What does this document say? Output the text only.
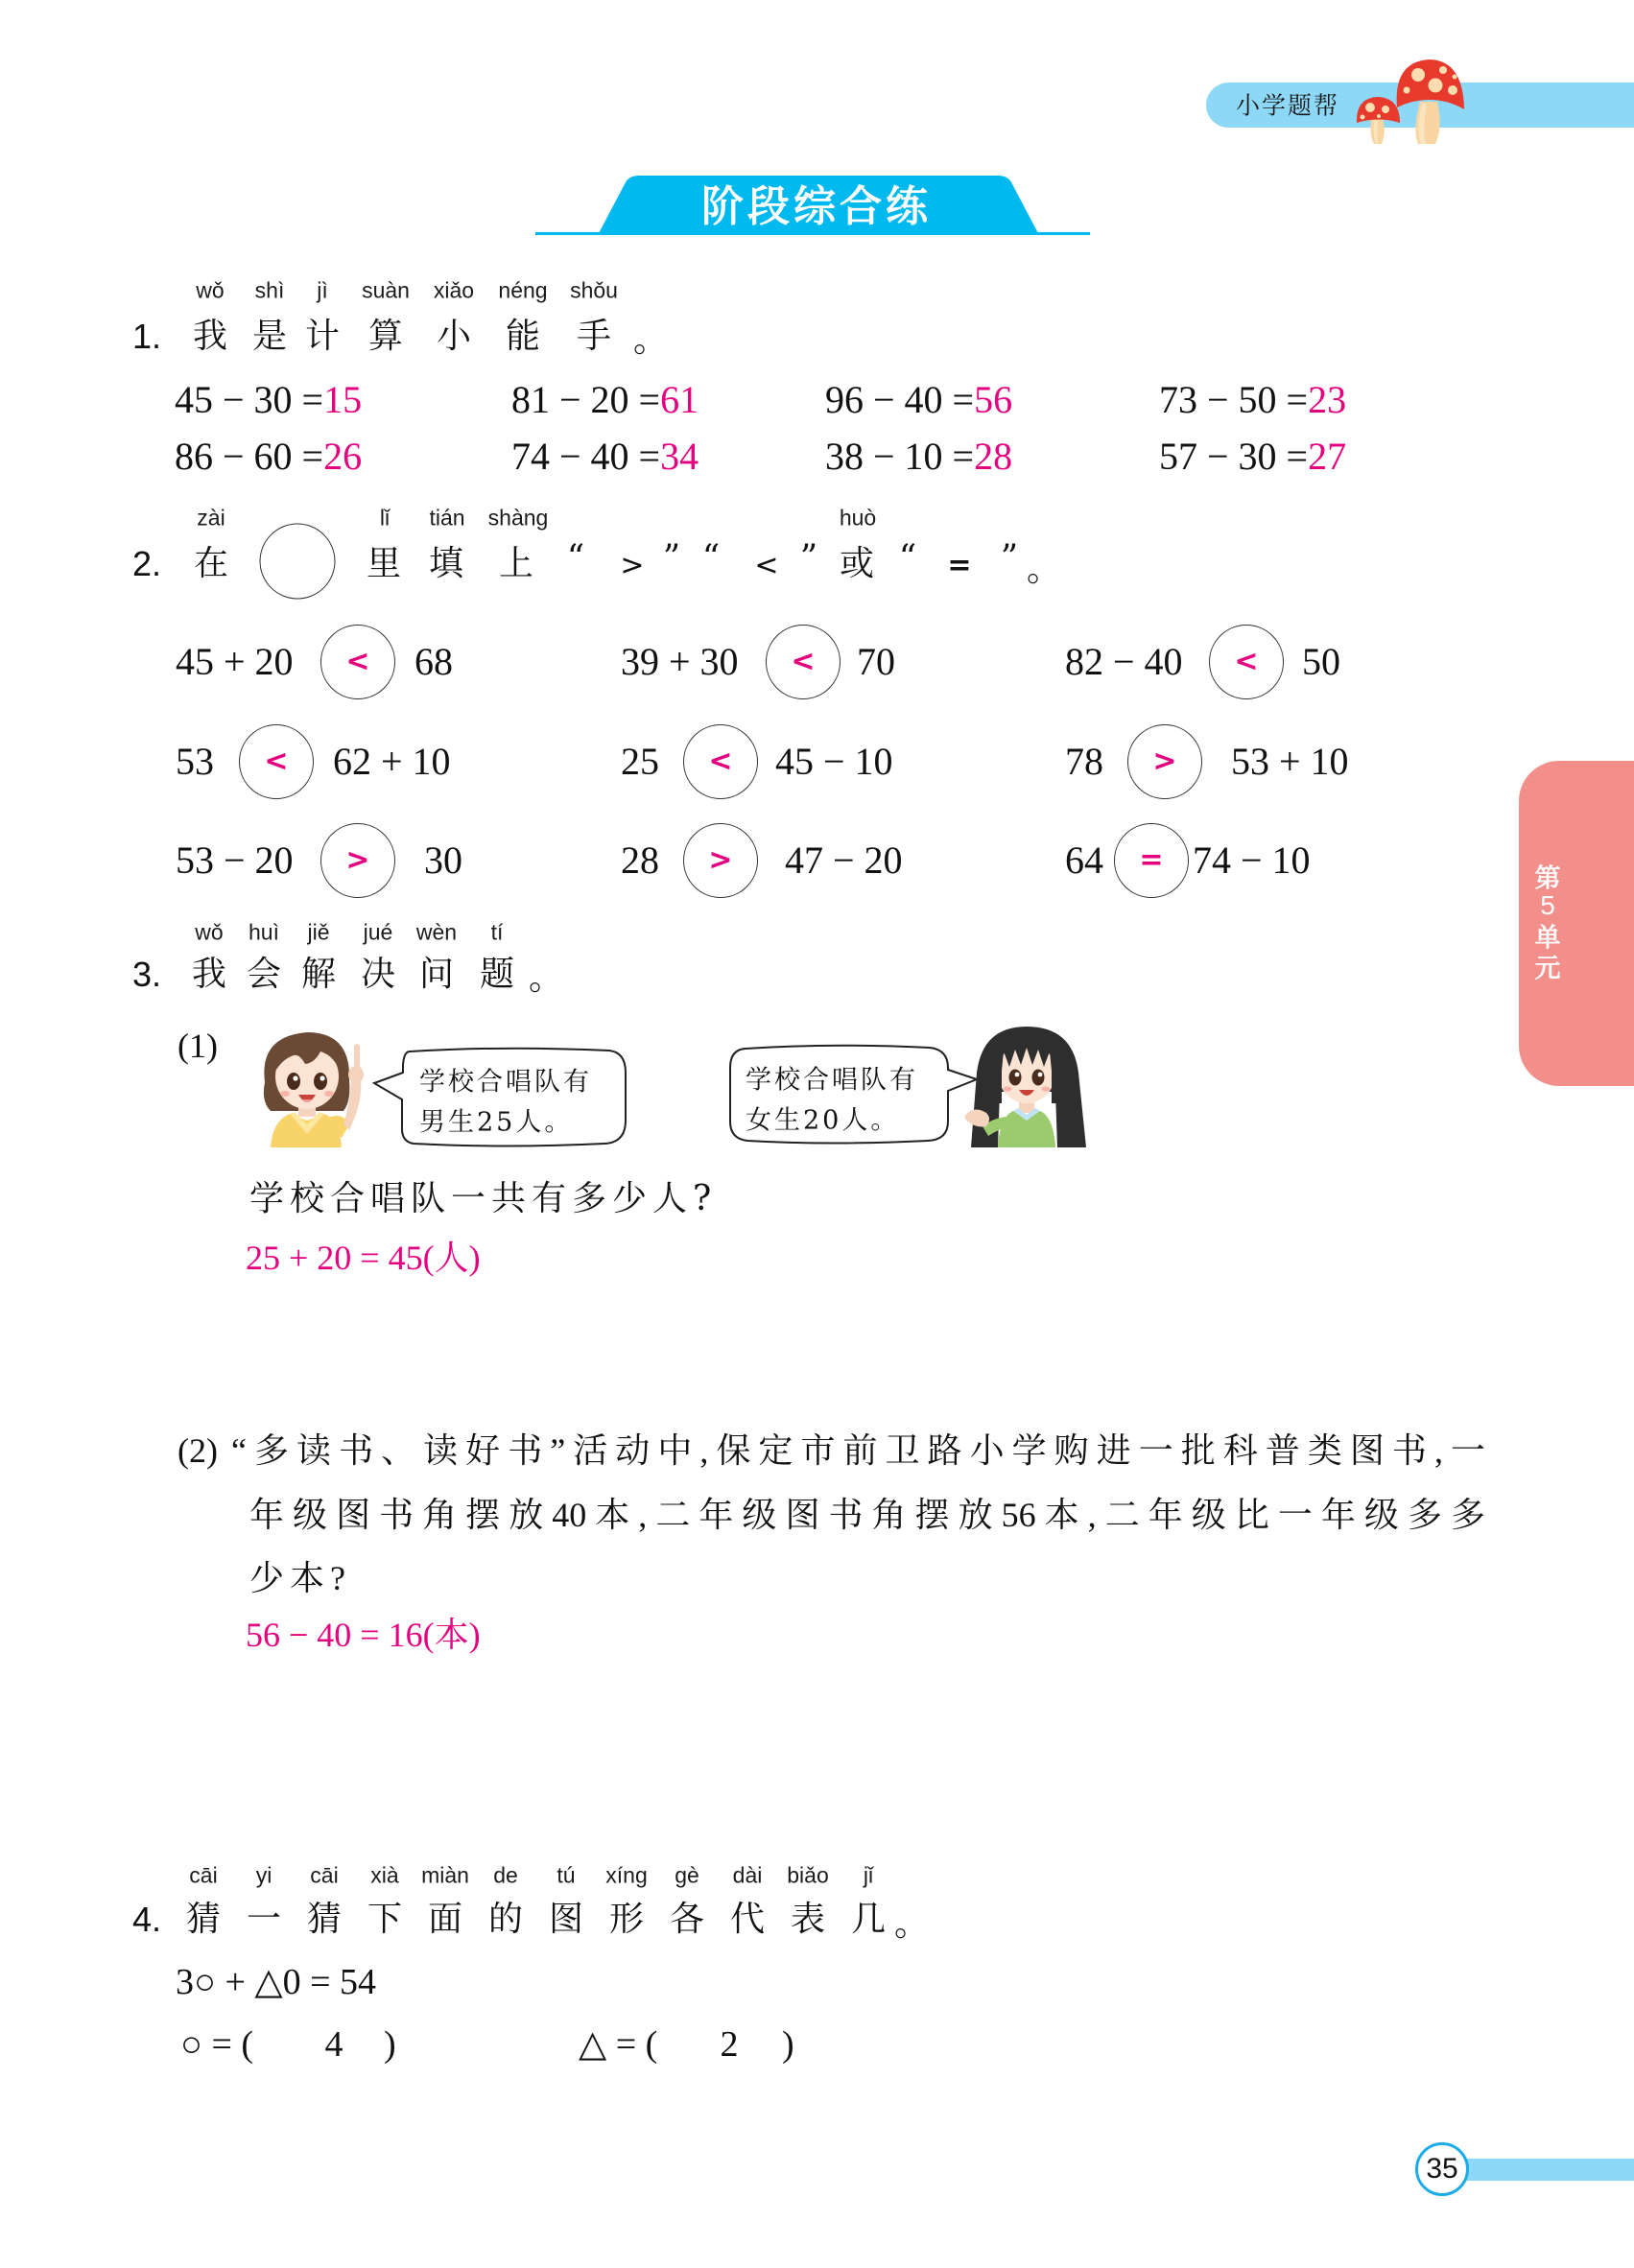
小学题帮
阶段综合练
第
5
单
元
1.
wǒ
我
shì
是
jì
计
suàn
算
xiǎo
小
néng
能
shǒu
手 。
45 − 30 =15	81 − 20 =61	96 − 40 =56	73 − 50 =23
86 − 60 =26	74 − 40 =34	38 − 10 =28	57 − 30 =27
2.
zài
在
lǐ
里
tián
填
shàng
上 “ > ” “ < ”
huò
或 “ = ” 。
45 + 20 < 68	39 + 30 < 70	82 − 40 < 50
53 < 62 + 10	25 < 45 − 10	78 > 53 + 10
53 − 20 > 30	28 > 47 − 20	64 = 74 − 10
3.
wǒ
我
huì
会
jiě
解
jué
决
wèn
问
tí
题 。
(1)
学校合唱队有
男生25人。
学校合唱队有
女生20人。
学校合唱队一共有多少人?
25 + 20 = 45(人)
(2) “多读书、读好书”活动中,保定市前卫路小学购进一批科普类图书,一
年级图书角摆放40本,二年级图书角摆放56本,二年级比一年级多多
少本?
56 − 40 = 16(本)
4.
cāi
猜
yi
一
cāi
猜
xià
下
miàn
面
de
的
tú
图
xíng
形
gè
各
dài
代
biǎo
表
jǐ
几 。
3○ + △0 = 54
○ = ( 4 )	△ = ( 2 )
35
